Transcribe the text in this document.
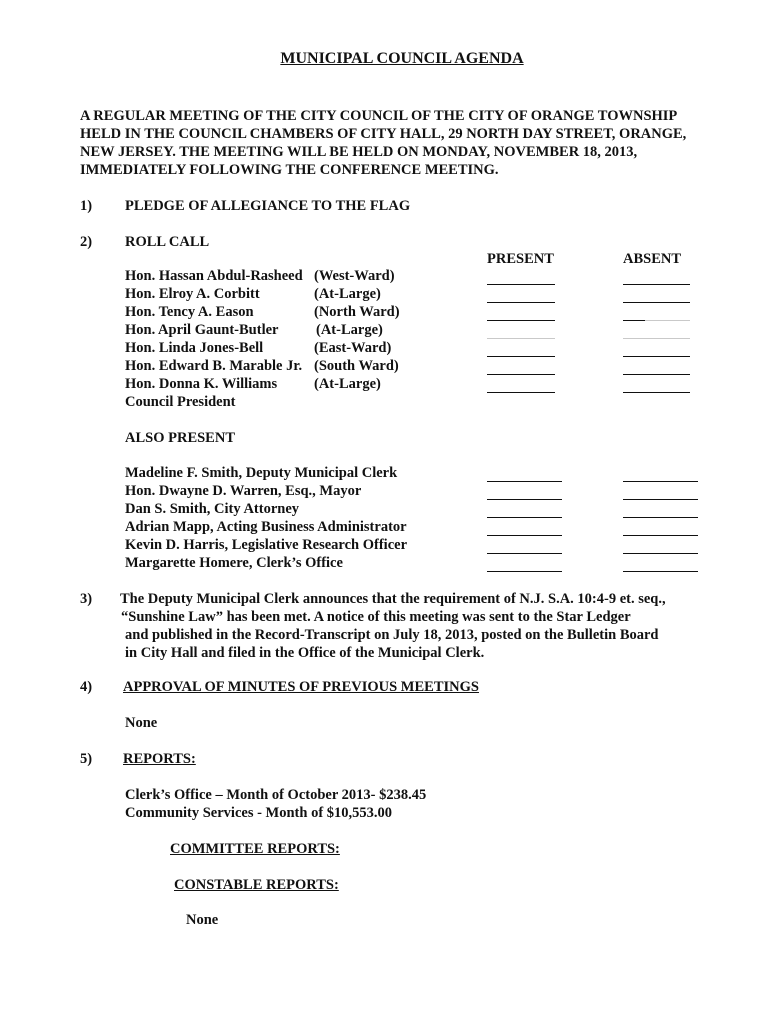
MUNICIPAL COUNCIL AGENDA
A REGULAR MEETING OF THE CITY COUNCIL OF THE CITY OF ORANGE TOWNSHIP
HELD IN THE COUNCIL CHAMBERS OF CITY HALL, 29 NORTH DAY STREET, ORANGE,
NEW JERSEY. THE MEETING WILL BE HELD ON MONDAY, NOVEMBER 18, 2013,
IMMEDIATELY FOLLOWING THE CONFERENCE MEETING.
1) PLEDGE OF ALLEGIANCE TO THE FLAG
2) ROLL CALL
PRESENT	ABSENT
Hon. Hassan Abdul-Rasheed (West-Ward)
Hon. Elroy A. Corbitt	(At-Large)
Hon. Tency A. Eason	(North Ward)
Hon. April Gaunt-Butler	(At-Large)
Hon. Linda Jones-Bell	(East-Ward)
Hon. Edward B. Marable Jr. (South Ward)
Hon. Donna K. Williams	(At-Large)
Council President
ALSO PRESENT
Madeline F. Smith, Deputy Municipal Clerk
Hon. Dwayne D. Warren, Esq., Mayor
Dan S. Smith, City Attorney
Adrian Mapp, Acting Business Administrator
Kevin D. Harris, Legislative Research Officer
Margarette Homere, Clerk’s Office
3) The Deputy Municipal Clerk announces that the requirement of N.J. S.A. 10:4-9 et. seq.,
“Sunshine Law” has been met. A notice of this meeting was sent to the Star Ledger
and published in the Record-Transcript on July 18, 2013, posted on the Bulletin Board
in City Hall and filed in the Office of the Municipal Clerk.
4) APPROVAL OF MINUTES OF PREVIOUS MEETINGS
None
5) REPORTS:
Clerk’s Office – Month of October 2013- $238.45
Community Services - Month of $10,553.00
COMMITTEE REPORTS:
CONSTABLE REPORTS:
None
